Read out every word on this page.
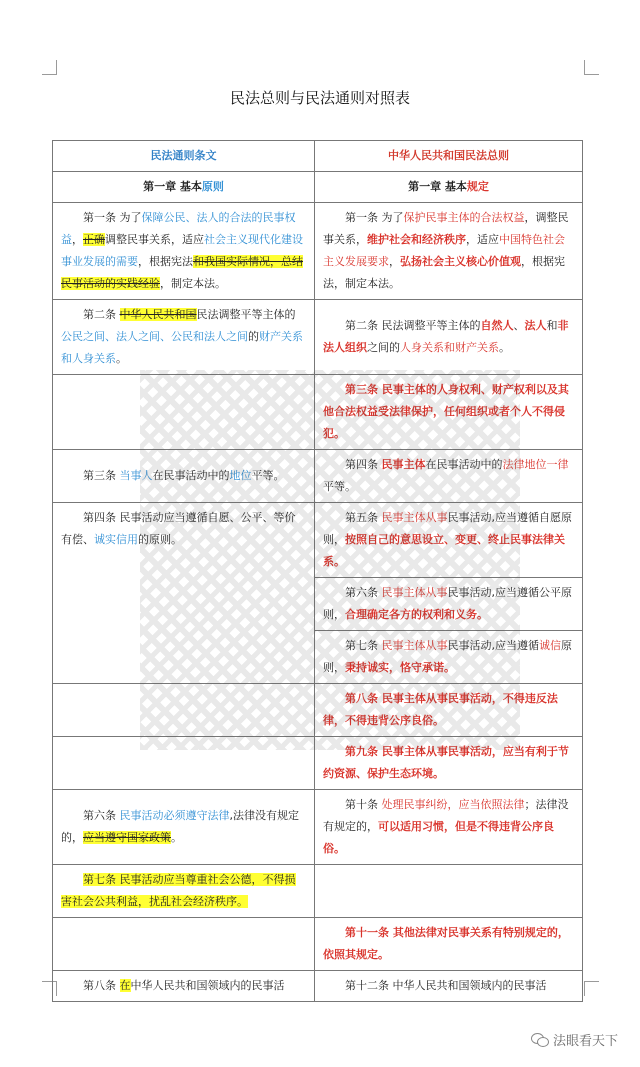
民法总则与民法通则对照表
民法通则条文	中华人民共和国民法总则
第一章 基本原则	第一章 基本规定
第一条 为了保障公民、法人的合法的民事权益，正确调整民事关系，适应社会主义现代化建设事业发展的需要，根据宪法和我国实际情况，总结民事活动的实践经验，制定本法。	第一条 为了保护民事主体的合法权益，调整民事关系，维护社会和经济秩序，适应中国特色社会主义发展要求，弘扬社会主义核心价值观，根据宪法，制定本法。
第二条 中华人民共和国民法调整平等主体的公民之间、法人之间、公民和法人之间的财产关系和人身关系。	第二条 民法调整平等主体的自然人、法人和非法人组织之间的人身关系和财产关系。
	第三条 民事主体的人身权利、财产权利以及其他合法权益受法律保护，任何组织或者个人不得侵犯。
第三条 当事人在民事活动中的地位平等。	第四条 民事主体在民事活动中的法律地位一律平等。
第四条 民事活动应当遵循自愿、公平、等价有偿、诚实信用的原则。	第五条 民事主体从事民事活动,应当遵循自愿原则，按照自己的意思设立、变更、终止民事法律关系。
	第六条 民事主体从事民事活动,应当遵循公平原则，合理确定各方的权利和义务。
	第七条 民事主体从事民事活动,应当遵循诚信原则，秉持诚实，恪守承诺。
	第八条 民事主体从事民事活动，不得违反法律，不得违背公序良俗。
	第九条 民事主体从事民事活动，应当有利于节约资源、保护生态环境。
第六条 民事活动必须遵守法律,法律没有规定的，应当遵守国家政策。	第十条 处理民事纠纷，应当依照法律；法律没有规定的，可以适用习惯，但是不得违背公序良俗。
第七条 民事活动应当尊重社会公德，不得损害社会公共利益，扰乱社会经济秩序。	
	第十一条 其他法律对民事关系有特别规定的，依照其规定。
第八条 在中华人民共和国领域内的民事活	第十二条 中华人民共和国领域内的民事活
法眼看天下
